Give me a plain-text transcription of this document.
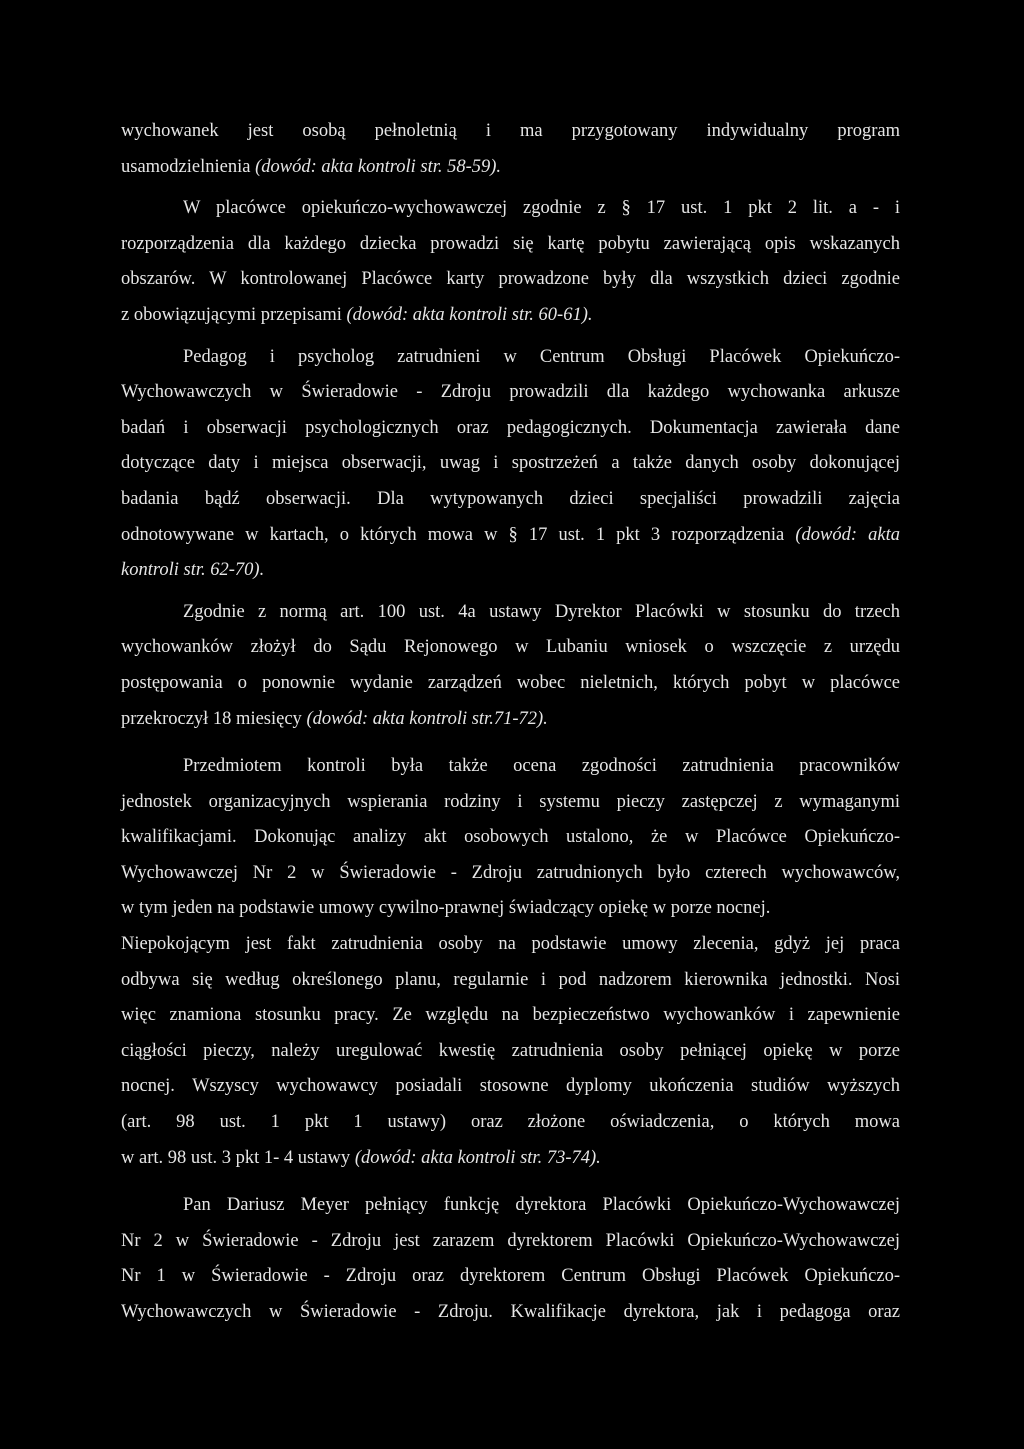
wychowanek jest osobą pełnoletnią i ma przygotowany indywidualny program
usamodzielnienia (dowód: akta kontroli str. 58-59).
W placówce opiekuńczo-wychowawczej zgodnie z § 17 ust. 1 pkt 2 lit. a - i
rozporządzenia dla każdego dziecka prowadzi się kartę pobytu zawierającą opis wskazanych
obszarów. W kontrolowanej Placówce karty prowadzone były dla wszystkich dzieci zgodnie
z obowiązującymi przepisami (dowód: akta kontroli str. 60-61).
Pedagog i psycholog zatrudnieni w Centrum Obsługi Placówek Opiekuńczo-
Wychowawczych w Świeradowie - Zdroju prowadzili dla każdego wychowanka arkusze
badań i obserwacji psychologicznych oraz pedagogicznych. Dokumentacja zawierała dane
dotyczące daty i miejsca obserwacji, uwag i spostrzeżeń a także danych osoby dokonującej
badania bądź obserwacji. Dla wytypowanych dzieci specjaliści prowadzili zajęcia
odnotowywane w kartach, o których mowa w § 17 ust. 1 pkt 3 rozporządzenia (dowód: akta
kontroli str. 62-70).
Zgodnie z normą art. 100 ust. 4a ustawy Dyrektor Placówki w stosunku do trzech
wychowanków złożył do Sądu Rejonowego w Lubaniu wniosek o wszczęcie z urzędu
postępowania o ponownie wydanie zarządzeń wobec nieletnich, których pobyt w placówce
przekroczył 18 miesięcy (dowód: akta kontroli str.71-72).
Przedmiotem kontroli była także ocena zgodności zatrudnienia pracowników
jednostek organizacyjnych wspierania rodziny i systemu pieczy zastępczej z wymaganymi
kwalifikacjami. Dokonując analizy akt osobowych ustalono, że w Placówce Opiekuńczo-
Wychowawczej Nr 2 w Świeradowie - Zdroju zatrudnionych było czterech wychowawców,
w tym jeden na podstawie umowy cywilno-prawnej świadczący opiekę w porze nocnej.
Niepokojącym jest fakt zatrudnienia osoby na podstawie umowy zlecenia, gdyż jej praca
odbywa się według określonego planu, regularnie i pod nadzorem kierownika jednostki. Nosi
więc znamiona stosunku pracy. Ze względu na bezpieczeństwo wychowanków i zapewnienie
ciągłości pieczy, należy uregulować kwestię zatrudnienia osoby pełniącej opiekę w porze
nocnej. Wszyscy wychowawcy posiadali stosowne dyplomy ukończenia studiów wyższych
(art. 98 ust. 1 pkt 1 ustawy) oraz złożone oświadczenia, o których mowa
w art. 98 ust. 3 pkt 1- 4 ustawy (dowód: akta kontroli str. 73-74).
Pan Dariusz Meyer pełniący funkcję dyrektora Placówki Opiekuńczo-Wychowawczej
Nr 2 w Świeradowie - Zdroju jest zarazem dyrektorem Placówki Opiekuńczo-Wychowawczej
Nr 1 w Świeradowie - Zdroju oraz dyrektorem Centrum Obsługi Placówek Opiekuńczo-
Wychowawczych w Świeradowie - Zdroju. Kwalifikacje dyrektora, jak i pedagoga oraz
